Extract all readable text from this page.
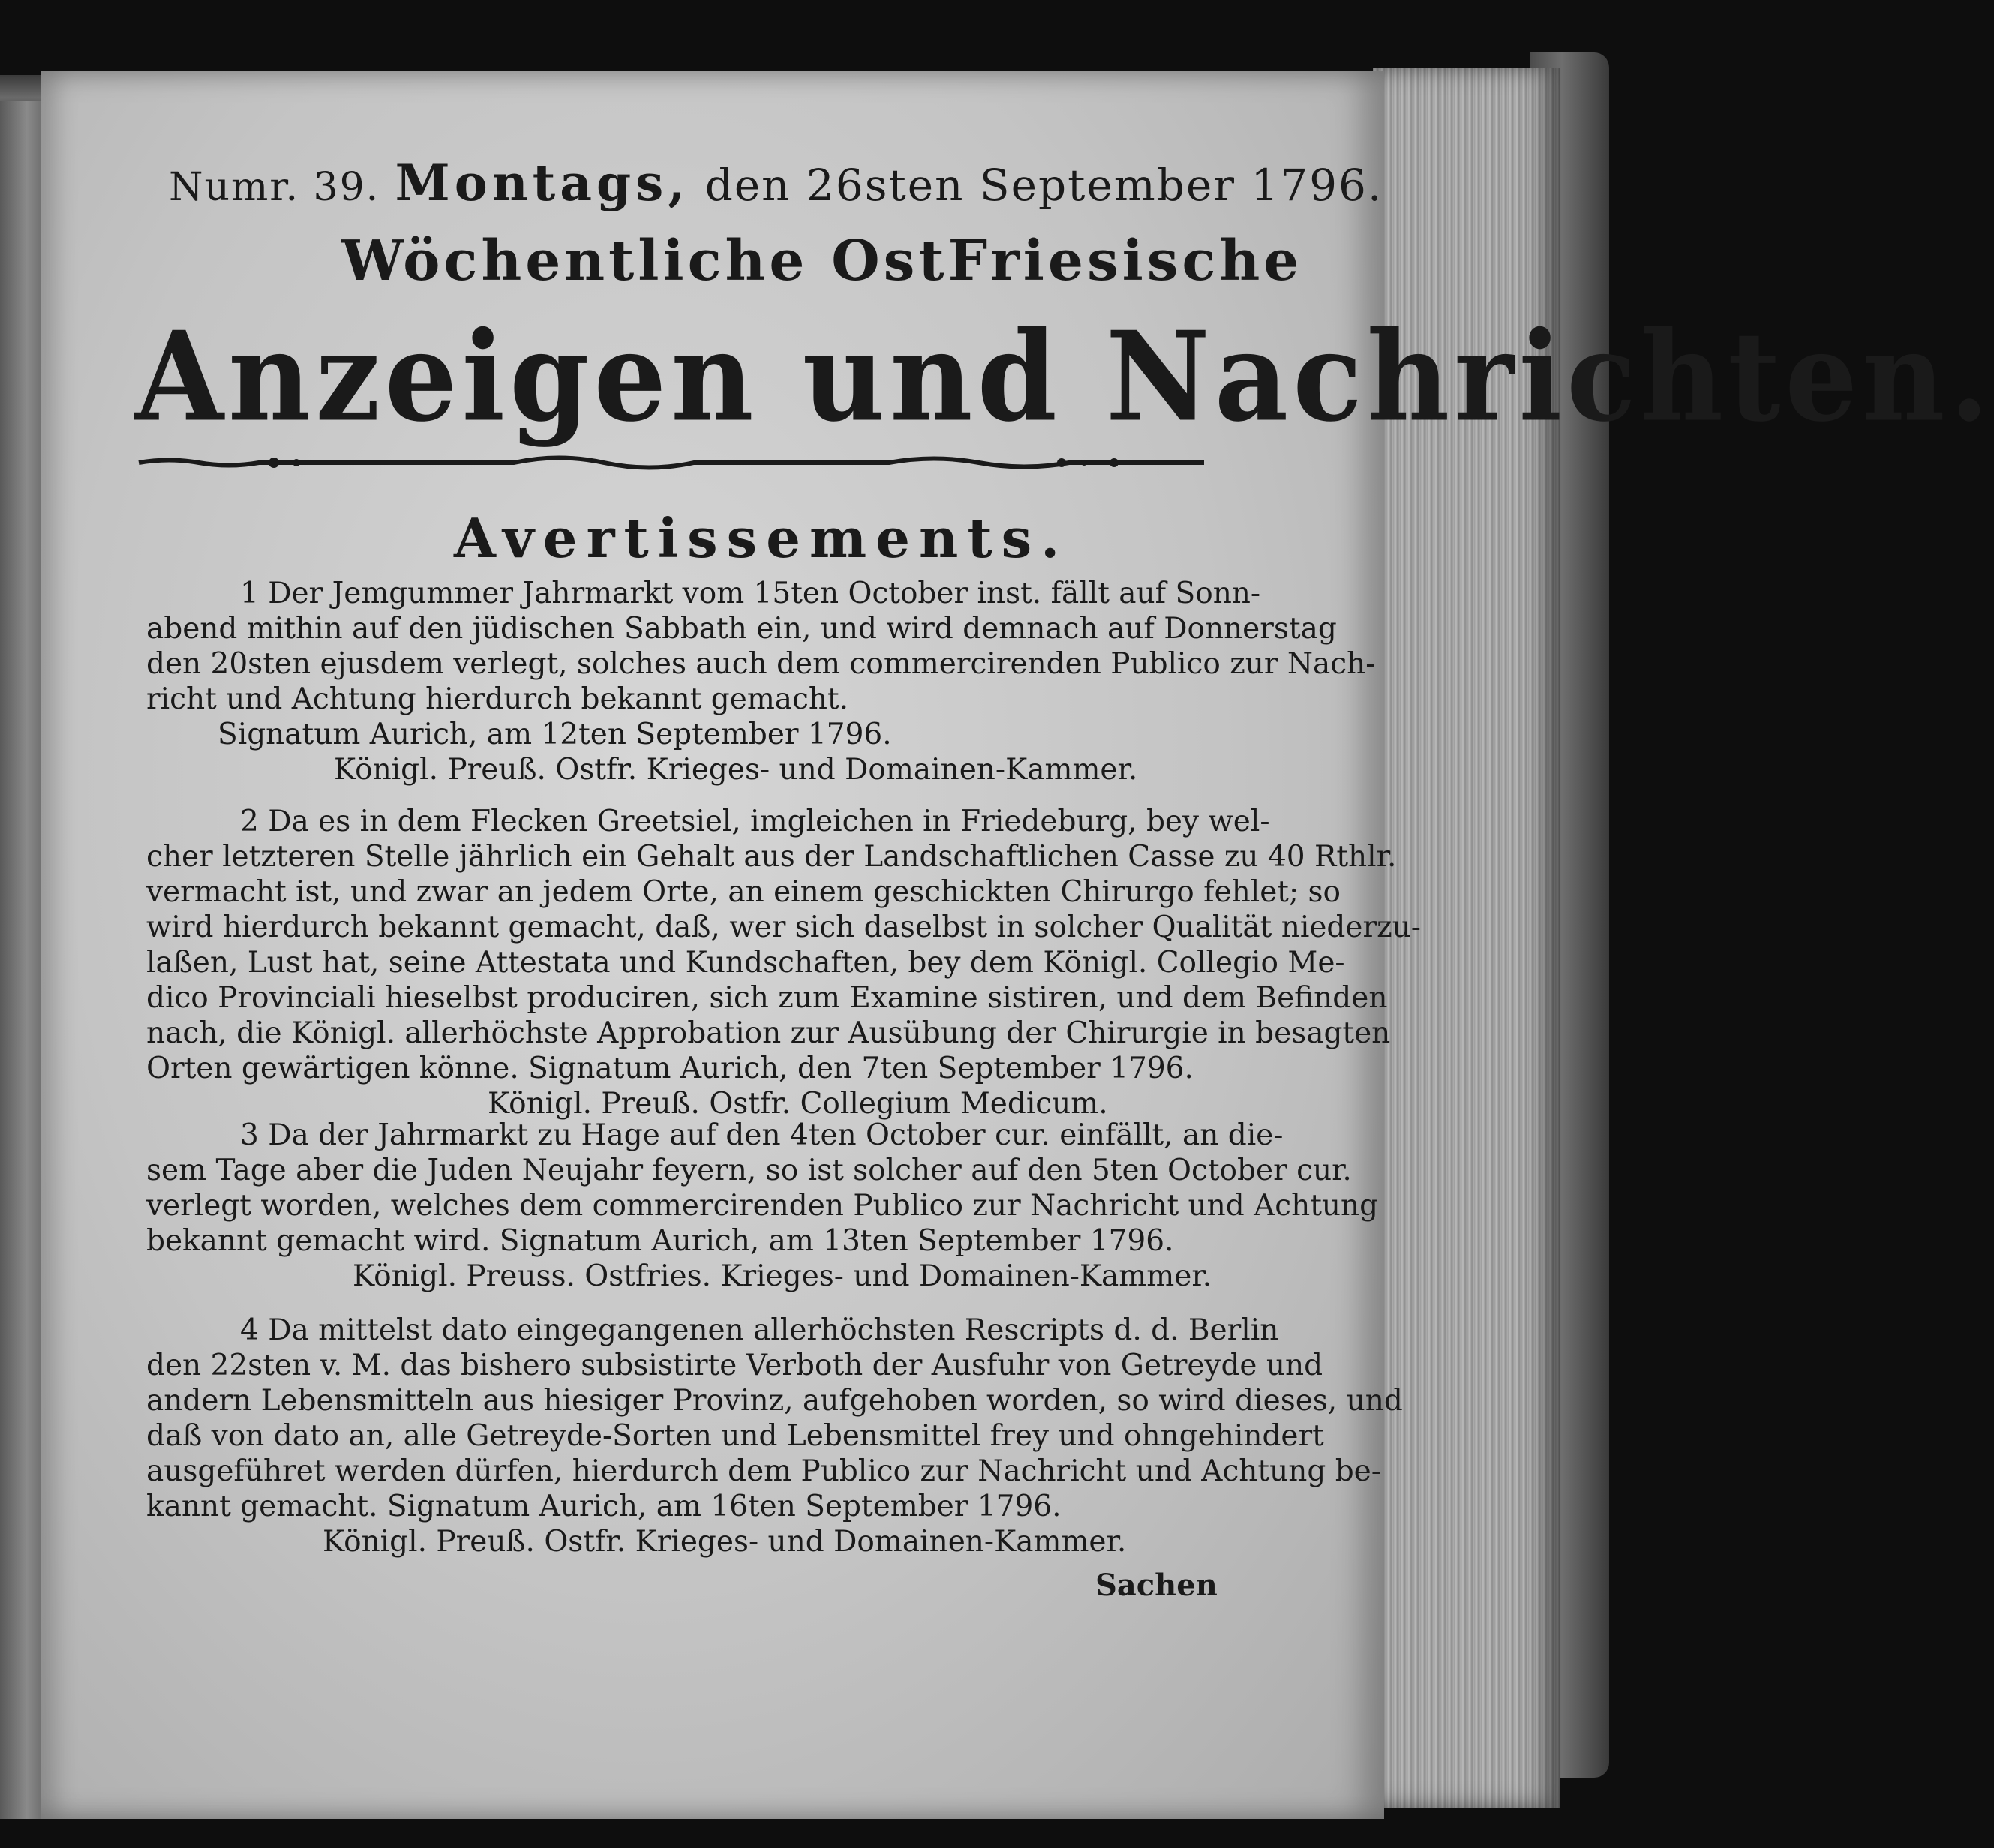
Numr. 39. Montags, den 26sten September 1796.
Wöchentliche OstFriesische
Anzeigen und Nachrichten.
Avertissements.
1 Der Jemgummer Jahrmarkt vom 15ten October inst. fällt auf Sonn-
abend mithin auf den jüdischen Sabbath ein, und wird demnach auf Donnerstag
den 20sten ejusdem verlegt, solches auch dem commercirenden Publico zur Nach-
richt und Achtung hierdurch bekannt gemacht.
Signatum Aurich, am 12ten September 1796.
Königl. Preuß. Ostfr. Krieges- und Domainen-Kammer.
2 Da es in dem Flecken Greetsiel, imgleichen in Friedeburg, bey wel-
cher letzteren Stelle jährlich ein Gehalt aus der Landschaftlichen Casse zu 40 Rthlr.
vermacht ist, und zwar an jedem Orte, an einem geschickten Chirurgo fehlet; so
wird hierdurch bekannt gemacht, daß, wer sich daselbst in solcher Qualität niederzu-
laßen, Lust hat, seine Attestata und Kundschaften, bey dem Königl. Collegio Me-
dico Provinciali hieselbst produciren, sich zum Examine sistiren, und dem Befinden
nach, die Königl. allerhöchste Approbation zur Ausübung der Chirurgie in besagten
Orten gewärtigen könne. Signatum Aurich, den 7ten September 1796.
Königl. Preuß. Ostfr. Collegium Medicum.
3 Da der Jahrmarkt zu Hage auf den 4ten October cur. einfällt, an die-
sem Tage aber die Juden Neujahr feyern, so ist solcher auf den 5ten October cur.
verlegt worden, welches dem commercirenden Publico zur Nachricht und Achtung
bekannt gemacht wird. Signatum Aurich, am 13ten September 1796.
Königl. Preuss. Ostfries. Krieges- und Domainen-Kammer.
4 Da mittelst dato eingegangenen allerhöchsten Rescripts d. d. Berlin
den 22sten v. M. das bishero subsistirte Verboth der Ausfuhr von Getreyde und
andern Lebensmitteln aus hiesiger Provinz, aufgehoben worden, so wird dieses, und
daß von dato an, alle Getreyde-Sorten und Lebensmittel frey und ohngehindert
ausgeführet werden dürfen, hierdurch dem Publico zur Nachricht und Achtung be-
kannt gemacht. Signatum Aurich, am 16ten September 1796.
Königl. Preuß. Ostfr. Krieges- und Domainen-Kammer.
Sachen
